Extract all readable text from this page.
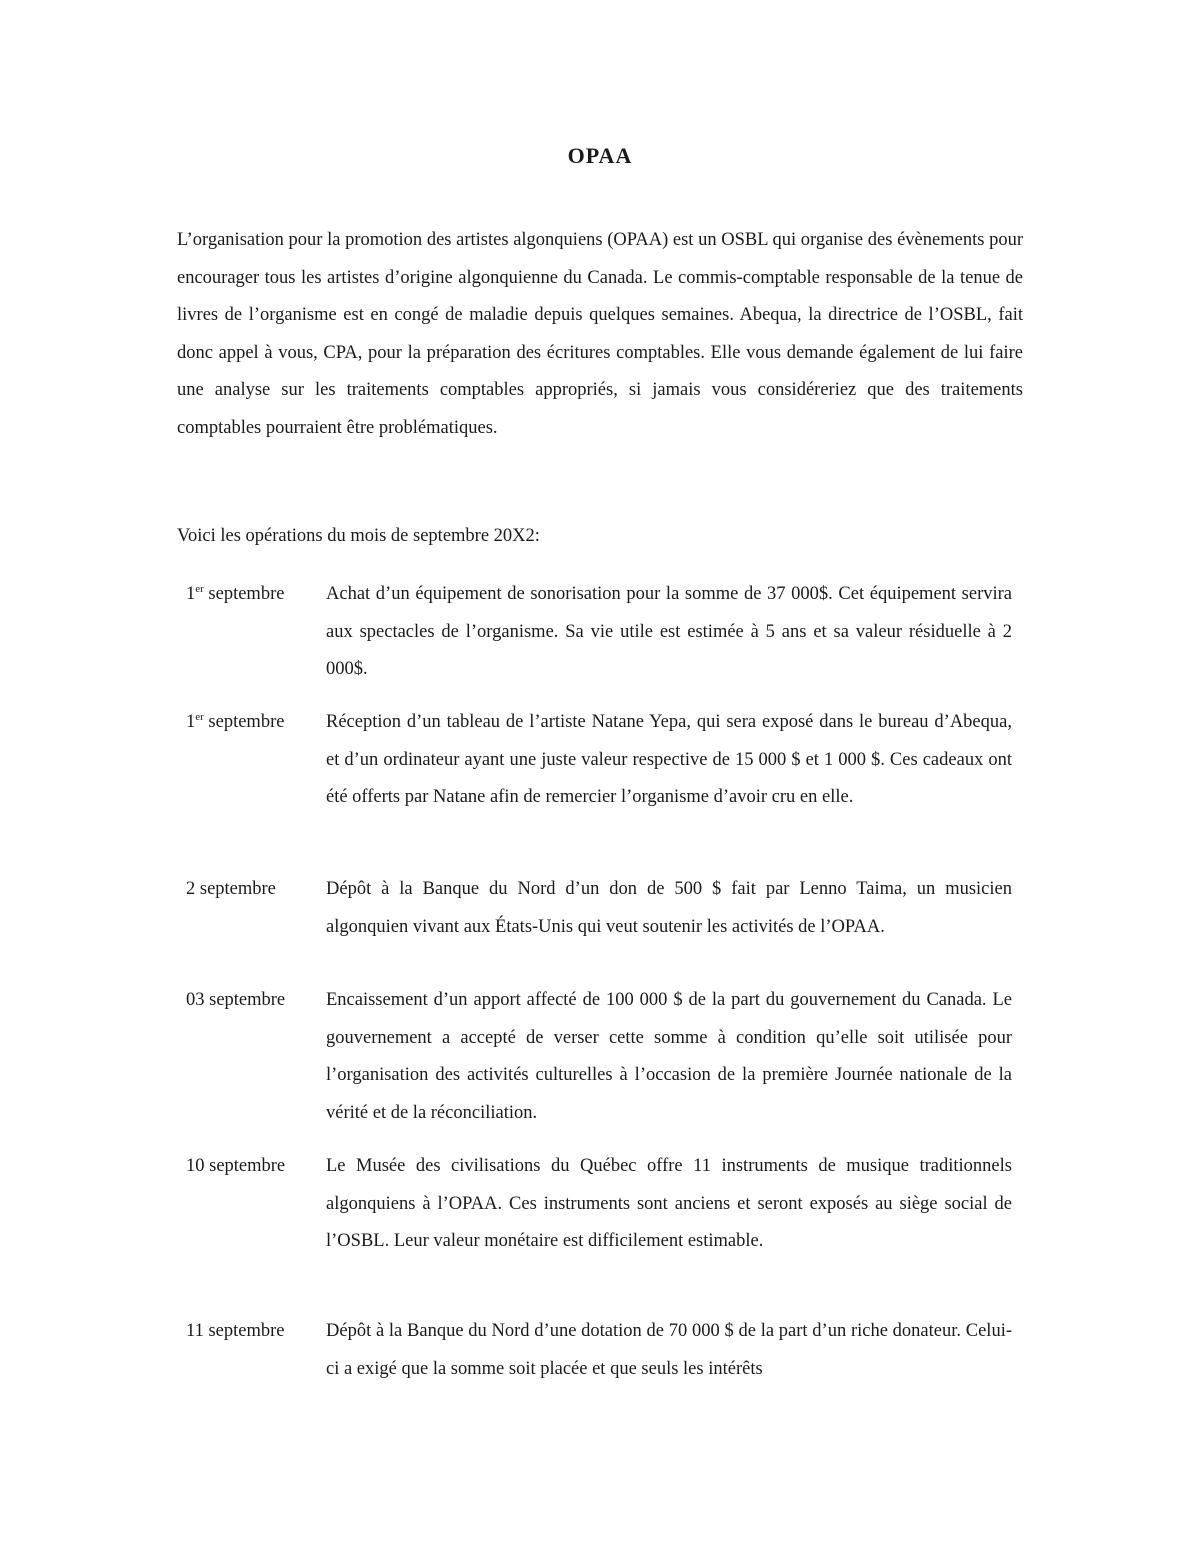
OPAA

L’organisation pour la promotion des artistes algonquiens (OPAA) est un OSBL qui organise des évènements pour encourager tous les artistes d’origine algonquienne du Canada. Le commis-comptable responsable de la tenue de livres de l’organisme est en congé de maladie depuis quelques semaines. Abequa, la directrice de l’OSBL, fait donc appel à vous, CPA, pour la préparation des écritures comptables. Elle vous demande également de lui faire une analyse sur les traitements comptables appropriés, si jamais vous considéreriez que des traitements comptables pourraient être problématiques.

Voici les opérations du mois de septembre 20X2:

1er septembre	Achat d’un équipement de sonorisation pour la somme de 37 000$. Cet équipement servira aux spectacles de l’organisme. Sa vie utile est estimée à 5 ans et sa valeur résiduelle à 2 000$.

1er septembre	Réception d’un tableau de l’artiste Natane Yepa, qui sera exposé dans le bureau d’Abequa, et d’un ordinateur ayant une juste valeur respective de 15 000 $ et 1 000 $. Ces cadeaux ont été offerts par Natane afin de remercier l’organisme d’avoir cru en elle.

2 septembre	Dépôt à la Banque du Nord d’un don de 500 $ fait par Lenno Taima, un musicien algonquien vivant aux États-Unis qui veut soutenir les activités de l’OPAA.

03 septembre	Encaissement d’un apport affecté de 100 000 $ de la part du gouvernement du Canada. Le gouvernement a accepté de verser cette somme à condition qu’elle soit utilisée pour l’organisation des activités culturelles à l’occasion de la première Journée nationale de la vérité et de la réconciliation.

10 septembre	Le Musée des civilisations du Québec offre 11 instruments de musique traditionnels algonquiens à l’OPAA. Ces instruments sont anciens et seront exposés au siège social de l’OSBL. Leur valeur monétaire est difficilement estimable.

11 septembre	Dépôt à la Banque du Nord d’une dotation de 70 000 $ de la part d’un riche donateur. Celui-ci a exigé que la somme soit placée et que seuls les intérêts
